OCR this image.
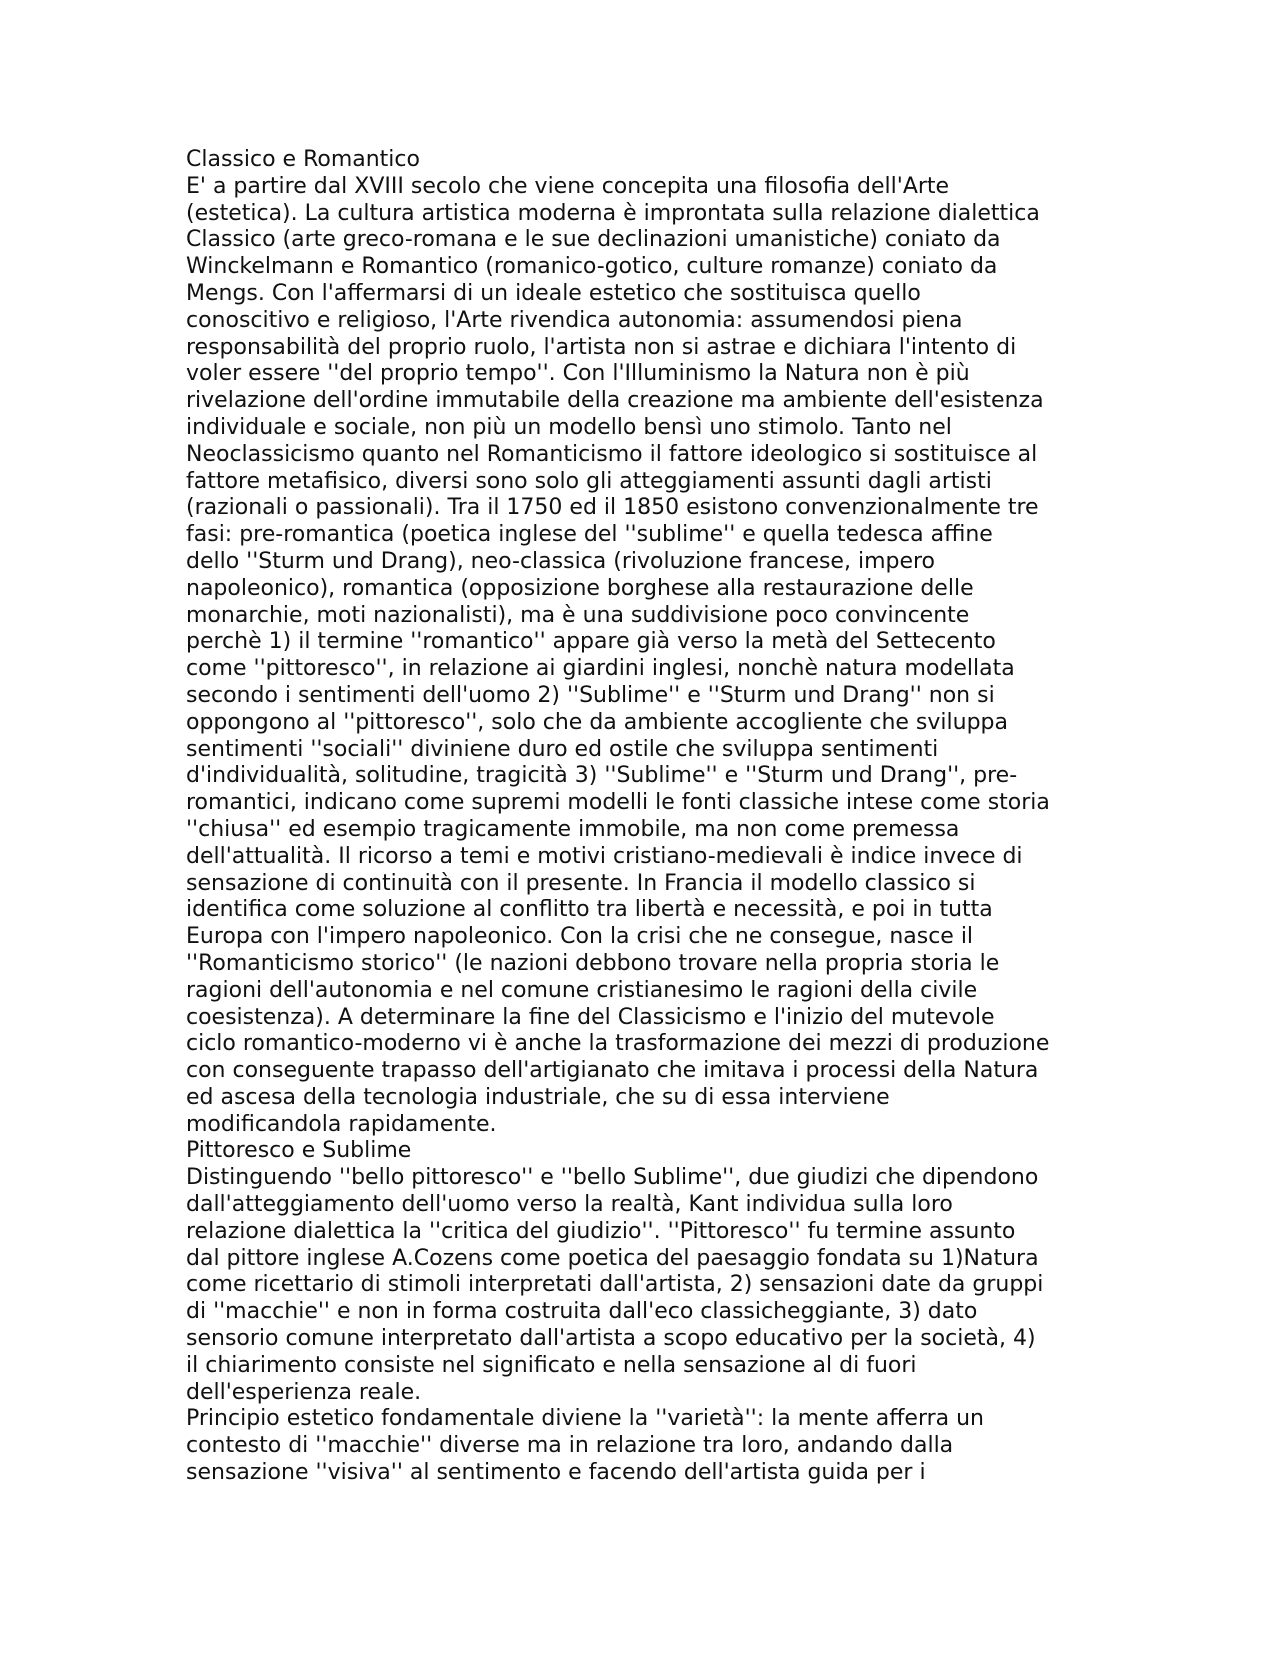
Classico e Romantico
E' a partire dal XVIII secolo che viene concepita una filosofia dell'Arte
(estetica). La cultura artistica moderna è improntata sulla relazione dialettica
Classico (arte greco-romana e le sue declinazioni umanistiche) coniato da
Winckelmann e Romantico (romanico-gotico, culture romanze) coniato da
Mengs. Con l'affermarsi di un ideale estetico che sostituisca quello
conoscitivo e religioso, l'Arte rivendica autonomia: assumendosi piena
responsabilità del proprio ruolo, l'artista non si astrae e dichiara l'intento di
voler essere ''del proprio tempo''. Con l'Illuminismo la Natura non è più
rivelazione dell'ordine immutabile della creazione ma ambiente dell'esistenza
individuale e sociale, non più un modello bensì uno stimolo. Tanto nel
Neoclassicismo quanto nel Romanticismo il fattore ideologico si sostituisce al
fattore metafisico, diversi sono solo gli atteggiamenti assunti dagli artisti
(razionali o passionali). Tra il 1750 ed il 1850 esistono convenzionalmente tre
fasi: pre-romantica (poetica inglese del ''sublime'' e quella tedesca affine
dello ''Sturm und Drang), neo-classica (rivoluzione francese, impero
napoleonico), romantica (opposizione borghese alla restaurazione delle
monarchie, moti nazionalisti), ma è una suddivisione poco convincente
perchè 1) il termine ''romantico'' appare già verso la metà del Settecento
come ''pittoresco'', in relazione ai giardini inglesi, nonchè natura modellata
secondo i sentimenti dell'uomo 2) ''Sublime'' e ''Sturm und Drang'' non si
oppongono al ''pittoresco'', solo che da ambiente accogliente che sviluppa
sentimenti ''sociali'' diviniene duro ed ostile che sviluppa sentimenti
d'individualità, solitudine, tragicità 3) ''Sublime'' e ''Sturm und Drang'', pre-
romantici, indicano come supremi modelli le fonti classiche intese come storia
''chiusa'' ed esempio tragicamente immobile, ma non come premessa
dell'attualità. Il ricorso a temi e motivi cristiano-medievali è indice invece di
sensazione di continuità con il presente. In Francia il modello classico si
identifica come soluzione al conflitto tra libertà e necessità, e poi in tutta
Europa con l'impero napoleonico. Con la crisi che ne consegue, nasce il
''Romanticismo storico'' (le nazioni debbono trovare nella propria storia le
ragioni dell'autonomia e nel comune cristianesimo le ragioni della civile
coesistenza). A determinare la fine del Classicismo e l'inizio del mutevole
ciclo romantico-moderno vi è anche la trasformazione dei mezzi di produzione
con conseguente trapasso dell'artigianato che imitava i processi della Natura
ed ascesa della tecnologia industriale, che su di essa interviene
modificandola rapidamente.
Pittoresco e Sublime
Distinguendo ''bello pittoresco'' e ''bello Sublime'', due giudizi che dipendono
dall'atteggiamento dell'uomo verso la realtà, Kant individua sulla loro
relazione dialettica la ''critica del giudizio''. ''Pittoresco'' fu termine assunto
dal pittore inglese A.Cozens come poetica del paesaggio fondata su 1)Natura
come ricettario di stimoli interpretati dall'artista, 2) sensazioni date da gruppi
di ''macchie'' e non in forma costruita dall'eco classicheggiante, 3) dato
sensorio comune interpretato dall'artista a scopo educativo per la società, 4)
il chiarimento consiste nel significato e nella sensazione al di fuori
dell'esperienza reale.
Principio estetico fondamentale diviene la ''varietà'': la mente afferra un
contesto di ''macchie'' diverse ma in relazione tra loro, andando dalla
sensazione ''visiva'' al sentimento e facendo dell'artista guida per i
